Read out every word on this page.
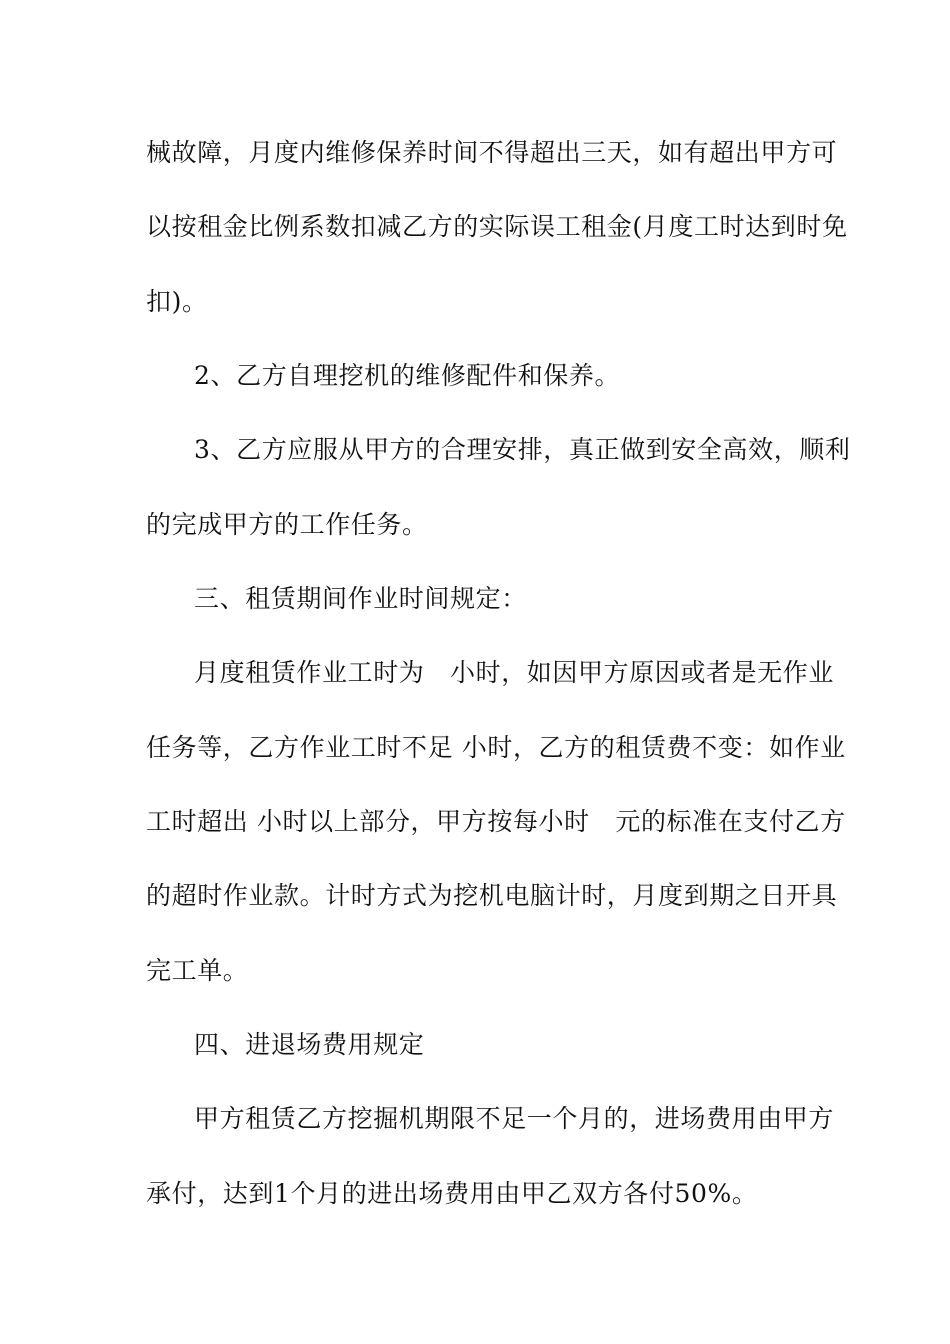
械故障，月度内维修保养时间不得超出三天，如有超出甲方可
以按租金比例系数扣减乙方的实际误工租金(月度工时达到时免
扣)。
2、乙方自理挖机的维修配件和保养。
3、乙方应服从甲方的合理安排，真正做到安全高效，顺利
的完成甲方的工作任务。
三、租赁期间作业时间规定：
月度租赁作业工时为　小时，如因甲方原因或者是无作业
任务等，乙方作业工时不足 小时，乙方的租赁费不变：如作业
工时超出 小时以上部分，甲方按每小时　元的标准在支付乙方
的超时作业款。计时方式为挖机电脑计时，月度到期之日开具
完工单。
四、进退场费用规定
甲方租赁乙方挖掘机期限不足一个月的，进场费用由甲方
承付，达到1个月的进出场费用由甲乙双方各付50%。
